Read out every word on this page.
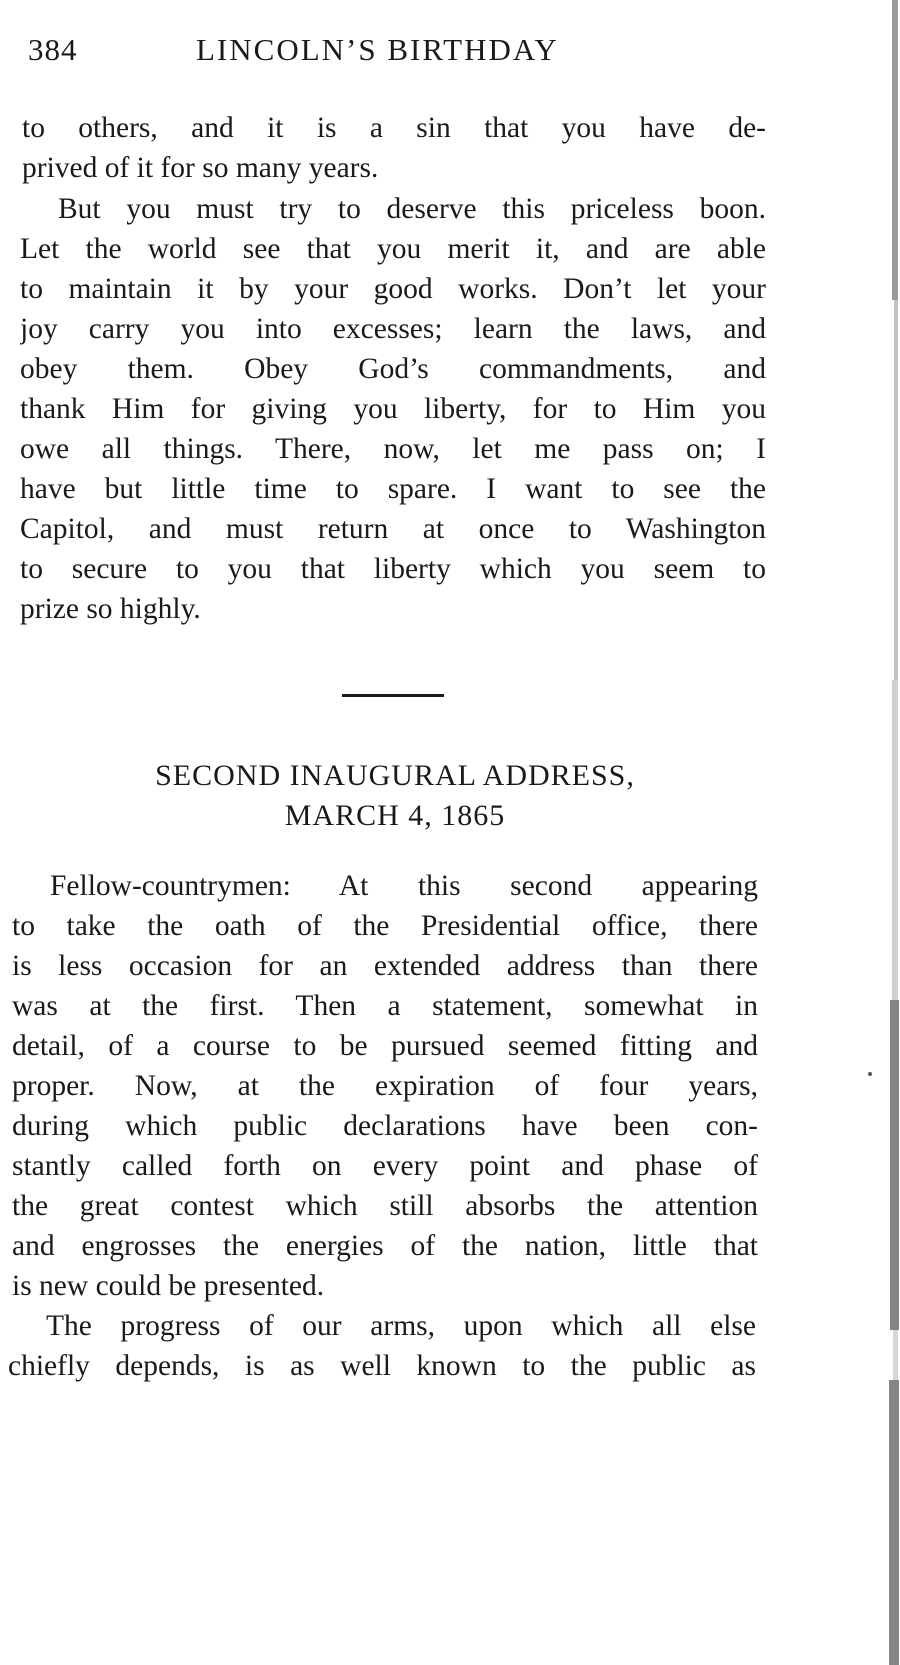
384	LINCOLN’S BIRTHDAY

to others, and it is a sin that you have de-
prived of it for so many years.

But you must try to deserve this priceless boon.
Let the world see that you merit it, and are able
to maintain it by your good works. Don’t let your
joy carry you into excesses; learn the laws, and
obey them. Obey God’s commandments, and
thank Him for giving you liberty, for to Him you
owe all things. There, now, let me pass on; I
have but little time to spare. I want to see the
Capitol, and must return at once to Washington
to secure to you that liberty which you seem to
prize so highly.

SECOND INAUGURAL ADDRESS,
MARCH 4, 1865

Fellow-countrymen: At this second appearing
to take the oath of the Presidential office, there
is less occasion for an extended address than there
was at the first. Then a statement, somewhat in
detail, of a course to be pursued seemed fitting and
proper. Now, at the expiration of four years,
during which public declarations have been con-
stantly called forth on every point and phase of
the great contest which still absorbs the attention
and engrosses the energies of the nation, little that
is new could be presented.

The progress of our arms, upon which all else
chiefly depends, is as well known to the public as
